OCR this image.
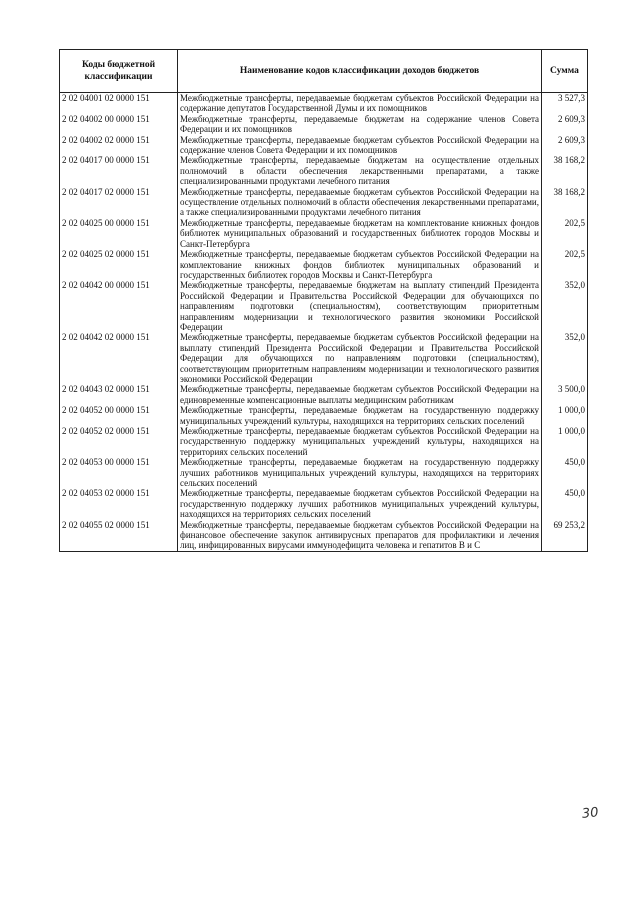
Коды бюджетной классификации	Наименование кодов классификации доходов бюджетов	Сумма
2 02 04001 02 0000 151	Межбюджетные трансферты, передаваемые бюджетам субъектов Российской Федерации на содержание депутатов Государственной Думы и их помощников	3 527,3
2 02 04002 00 0000 151	Межбюджетные трансферты, передаваемые бюджетам на содержание членов Совета Федерации и их помощников	2 609,3
2 02 04002 02 0000 151	Межбюджетные трансферты, передаваемые бюджетам субъектов Российской Федерации на содержание членов Совета Федерации и их помощников	2 609,3
2 02 04017 00 0000 151	Межбюджетные трансферты, передаваемые бюджетам на осуществление отдельных полномочий в области обеспечения лекарственными препаратами, а также специализированными продуктами лечебного питания	38 168,2
2 02 04017 02 0000 151	Межбюджетные трансферты, передаваемые бюджетам субъектов Российской Федерации на осуществление отдельных полномочий в области обеспечения лекарственными препаратами, а также специализированными продуктами лечебного питания	38 168,2
2 02 04025 00 0000 151	Межбюджетные трансферты, передаваемые бюджетам на комплектование книжных фондов библиотек муниципальных образований и государственных библиотек городов Москвы и Санкт-Петербурга	202,5
2 02 04025 02 0000 151	Межбюджетные трансферты, передаваемые бюджетам субъектов Российской Федерации на комплектование книжных фондов библиотек муниципальных образований и государственных библиотек городов Москвы и Санкт-Петербурга	202,5
2 02 04042 00 0000 151	Межбюджетные трансферты, передаваемые бюджетам на выплату стипендий Президента Российской Федерации и Правительства Российской Федерации для обучающихся по направлениям подготовки (специальностям), соответствующим приоритетным направлениям модернизации и технологического развития экономики Российской Федерации	352,0
2 02 04042 02 0000 151	Межбюджетные трансферты, передаваемые бюджетам субъектов Российской федерации на выплату стипендий Президента Российской Федерации и Правительства Российской Федерации для обучающихся по направлениям подготовки (специальностям), соответствующим приоритетным направлениям модернизации и технологического развития экономики Российской Федерации	352,0
2 02 04043 02 0000 151	Межбюджетные трансферты, передаваемые бюджетам субъектов Российской Федерации на единовременные компенсационные выплаты медицинским работникам	3 500,0
2 02 04052 00 0000 151	Межбюджетные трансферты, передаваемые бюджетам на государственную поддержку муниципальных учреждений культуры, находящихся на территориях сельских поселений	1 000,0
2 02 04052 02 0000 151	Межбюджетные трансферты, передаваемые бюджетам субъектов Российской Федерации на государственную поддержку муниципальных учреждений культуры, находящихся на территориях сельских поселений	1 000,0
2 02 04053 00 0000 151	Межбюджетные трансферты, передаваемые бюджетам на государственную поддержку лучших работников муниципальных учреждений культуры, находящихся на территориях сельских поселений	450,0
2 02 04053 02 0000 151	Межбюджетные трансферты, передаваемые бюджетам субъектов Российской Федерации на государственную поддержку лучших работников муниципальных учреждений культуры, находящихся на территориях сельских поселений	450,0
2 02 04055 02 0000 151	Межбюджетные трансферты, передаваемые бюджетам субъектов Российской Федерации на финансовое обеспечение закупок антивирусных препаратов для профилактики и лечения лиц, инфицированных вирусами иммунодефицита человека и гепатитов В и С	69 253,2
30
